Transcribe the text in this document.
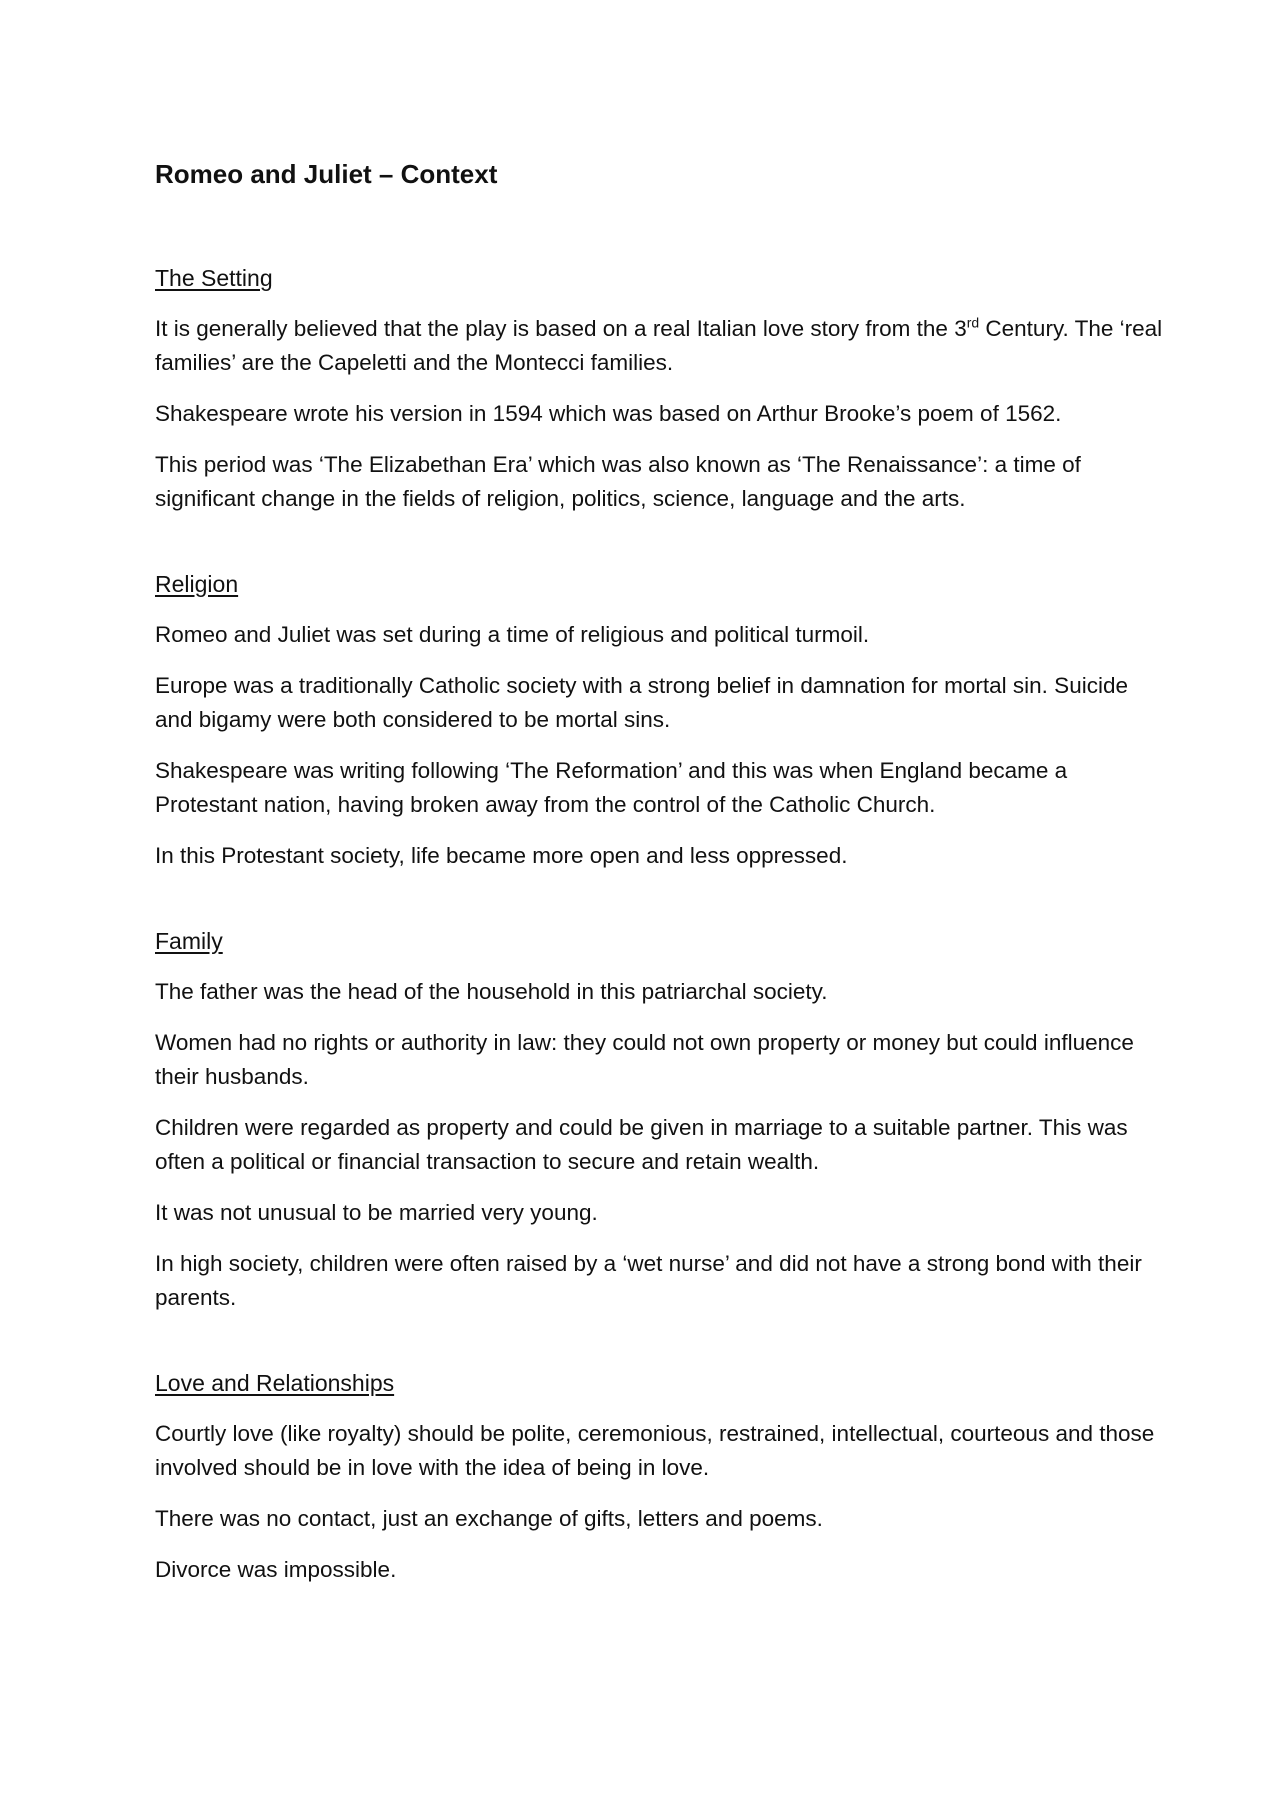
Romeo and Juliet – Context
The Setting

It is generally believed that the play is based on a real Italian love story from the 3rd Century. The ‘real families’ are the Capeletti and the Montecci families.

Shakespeare wrote his version in 1594 which was based on Arthur Brooke’s poem of 1562.

This period was ‘The Elizabethan Era’ which was also known as ‘The Renaissance’: a time of significant change in the fields of religion, politics, science, language and the arts.

Religion

Romeo and Juliet was set during a time of religious and political turmoil.

Europe was a traditionally Catholic society with a strong belief in damnation for mortal sin. Suicide and bigamy were both considered to be mortal sins.

Shakespeare was writing following ‘The Reformation’ and this was when England became a Protestant nation, having broken away from the control of the Catholic Church.

In this Protestant society, life became more open and less oppressed.

Family

The father was the head of the household in this patriarchal society.

Women had no rights or authority in law: they could not own property or money but could influence their husbands.

Children were regarded as property and could be given in marriage to a suitable partner. This was often a political or financial transaction to secure and retain wealth.

It was not unusual to be married very young.

In high society, children were often raised by a ‘wet nurse’ and did not have a strong bond with their parents.

Love and Relationships

Courtly love (like royalty) should be polite, ceremonious, restrained, intellectual, courteous and those involved should be in love with the idea of being in love.

There was no contact, just an exchange of gifts, letters and poems.

Divorce was impossible.
